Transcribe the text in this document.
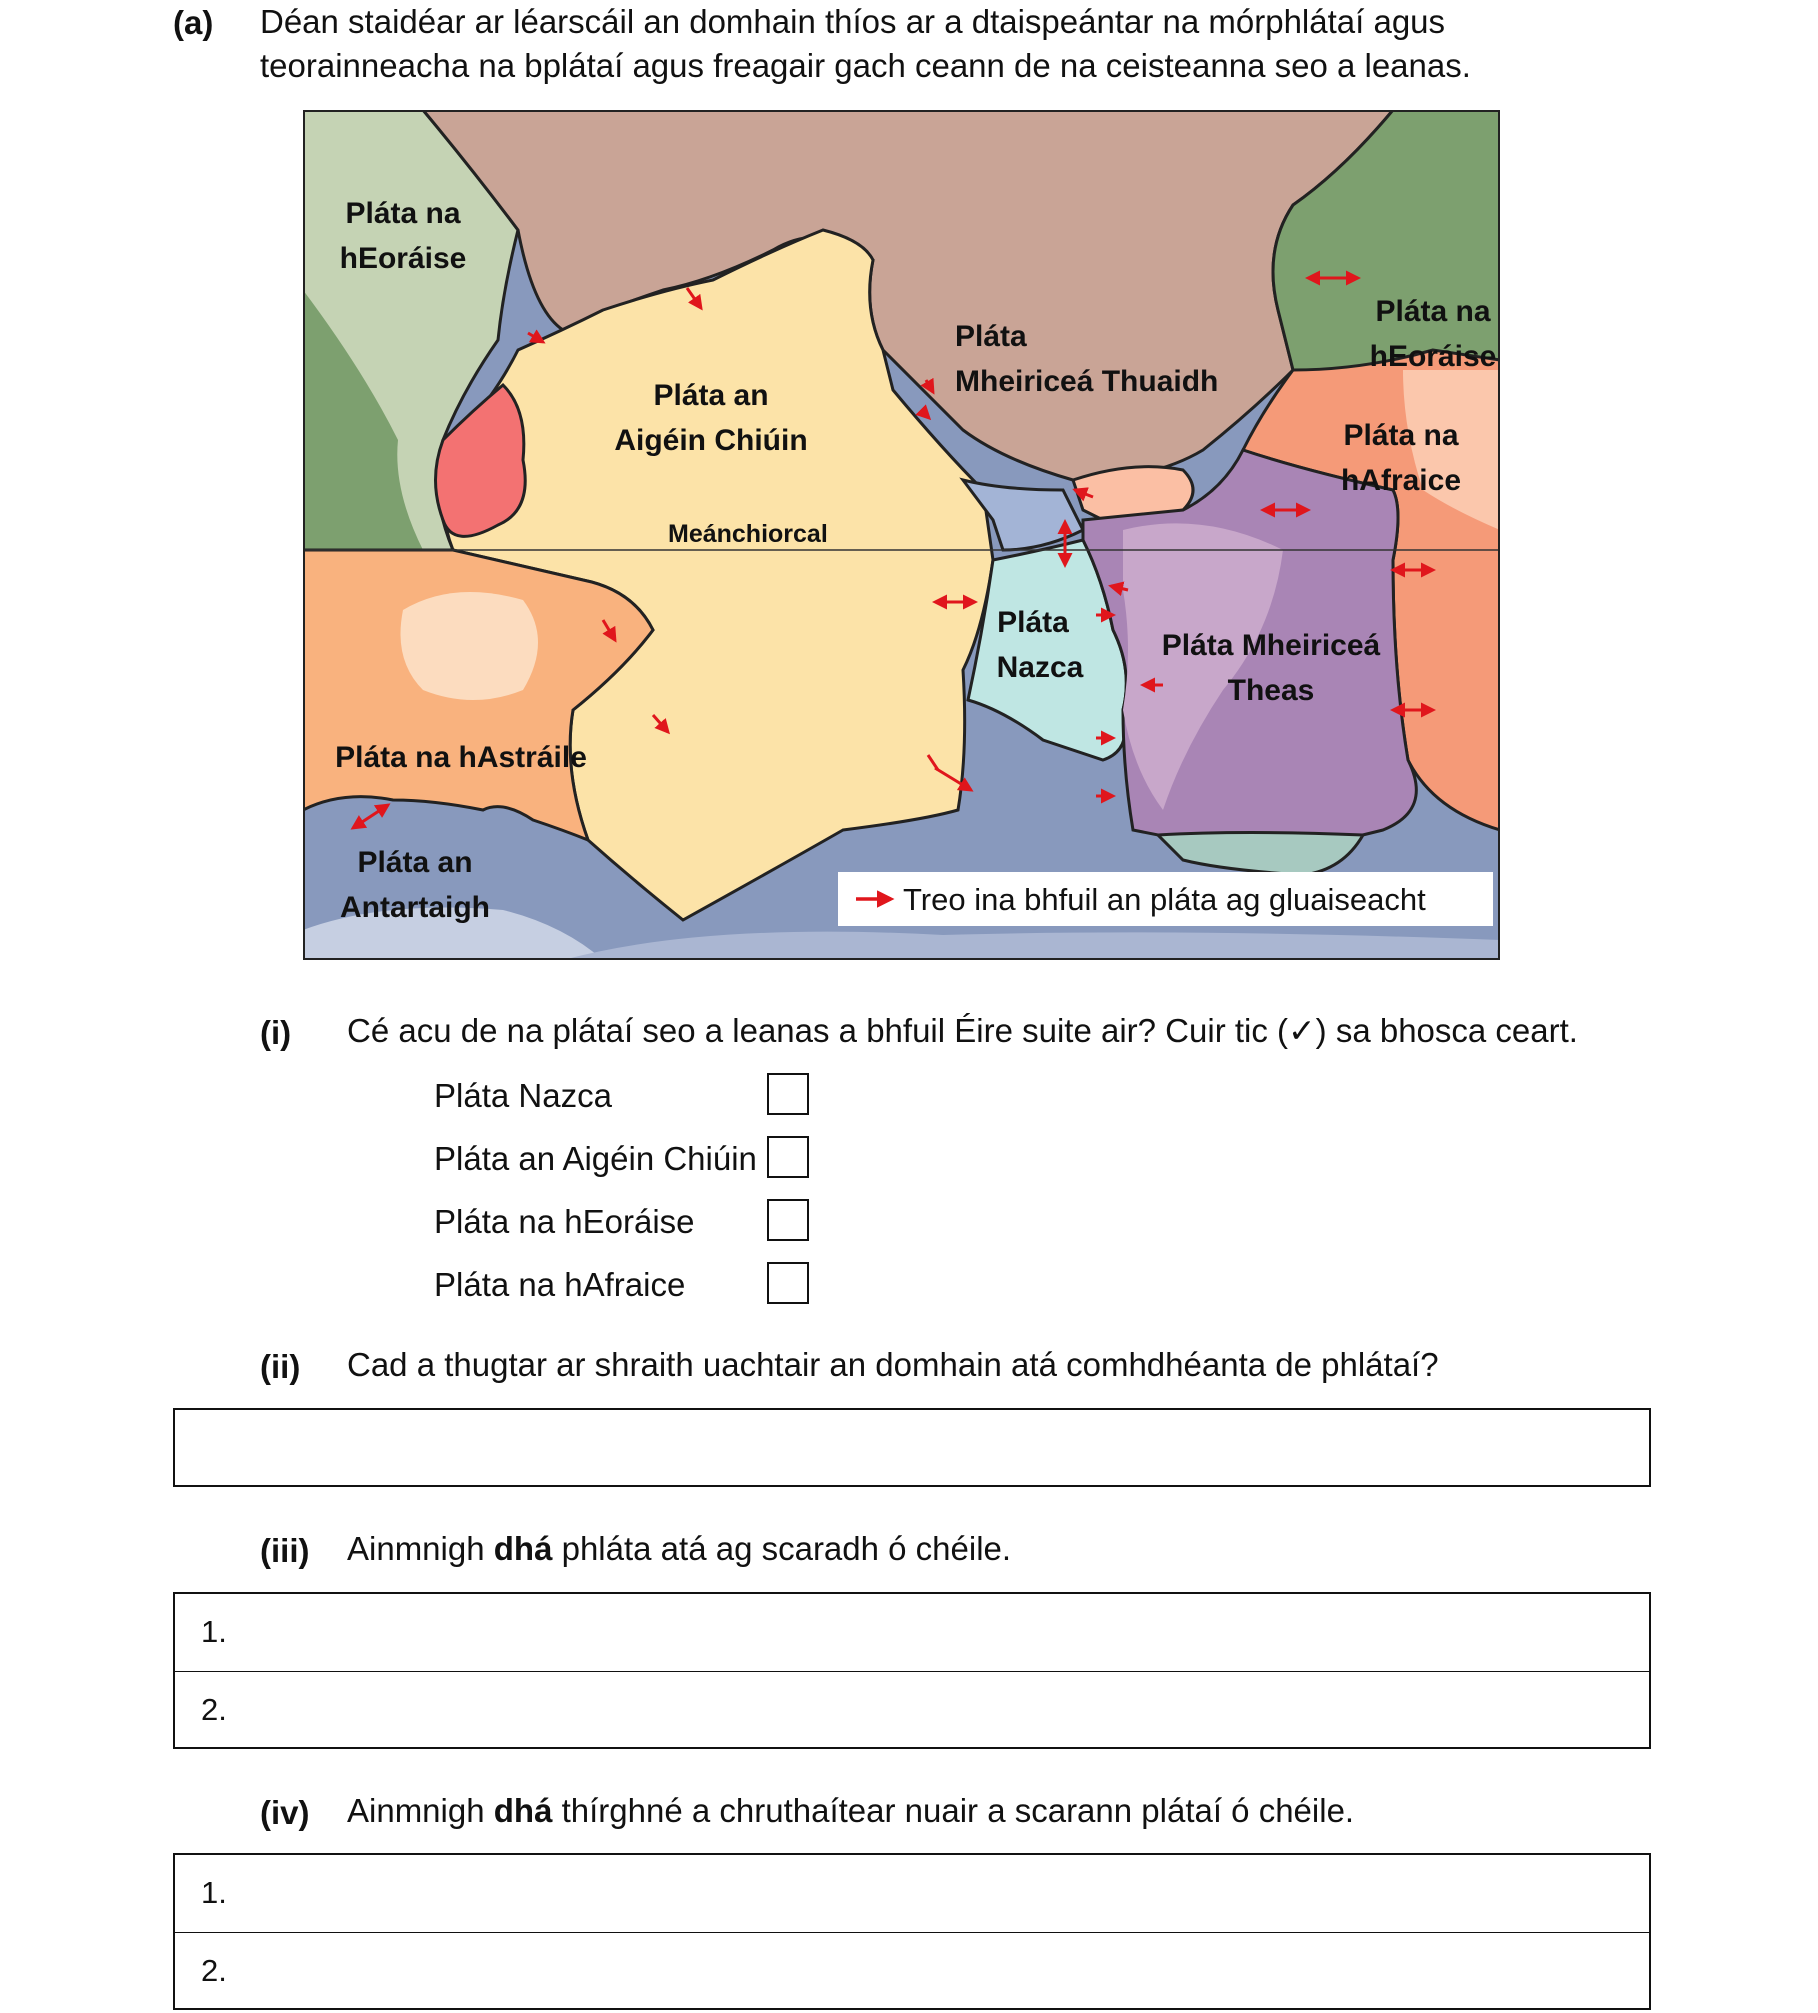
(a) Déan staidéar ar léarscáil an domhain thíos ar a dtaispeántar na mórphlátaí agus
teorainneacha na bplátaí agus freagair gach ceann de na ceisteanna seo a leanas.
Meánchiorcal
Pláta na
hEoráise
Pláta an
Aigéin Chiúin
Pláta
Mheiriceá Thuaidh
Pláta na
hEoráise
Pláta na
hAfraice
Pláta
Nazca
Pláta Mheiriceá
Theas
Pláta na hAstráile
Pláta an
Antartaigh	Treo ina bhfuil an pláta ag gluaiseacht
(i) Cé acu de na plátaí seo a leanas a bhfuil Éire suite air? Cuir tic (✓) sa bhosca ceart.
Pláta Nazca
Pláta an Aigéin Chiúin
Pláta na hEoráise
Pláta na hAfraice
(ii) Cad a thugtar ar shraith uachtair an domhain atá comhdhéanta de phlátaí?
(iii) Ainmnigh dhá phláta atá ag scaradh ó chéile.
1.
2.
(iv) Ainmnigh dhá thírghné a chruthaítear nuair a scarann plátaí ó chéile.
1.
2.
